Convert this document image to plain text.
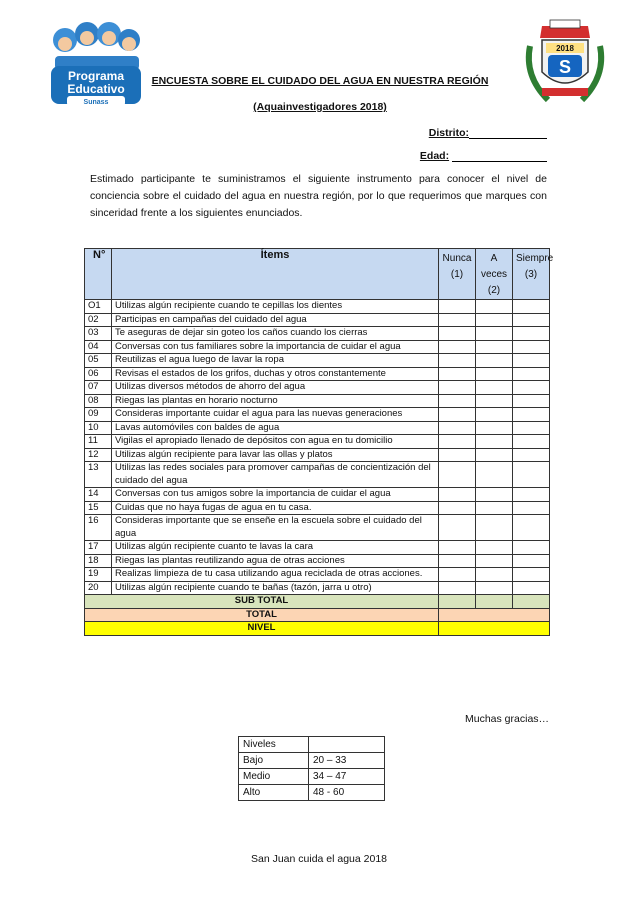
Programa
Educativo
Sunass
2018
S
ENCUESTA SOBRE EL CUIDADO DEL AGUA EN NUESTRA REGIÓN
(Aquainvestigadores 2018)
Distrito:
Edad:
Estimado participante te suministramos el siguiente instrumento para conocer el nivel de conciencia sobre el cuidado del agua en nuestra región, por lo que requerimos que marques con sinceridad frente a los siguientes enunciados.
N°	Ítems	Nunca (1)	A veces (2)	Siempre (3)
O1	Utilizas algún recipiente cuando te cepillas los dientes			
02	Participas en campañas del cuidado del agua			
03	Te aseguras de dejar sin goteo los caños cuando los cierras			
04	Conversas con tus familiares sobre la importancia de cuidar el agua			
05	Reutilizas el agua luego de lavar la ropa			
06	Revisas el estados de los grifos, duchas y otros constantemente			
07	Utilizas diversos métodos de ahorro del agua			
08	Riegas las plantas en horario nocturno			
09	Consideras importante cuidar el agua para las nuevas generaciones			
10	Lavas automóviles con baldes de agua			
11	Vigilas el apropiado llenado de depósitos con agua en tu domicilio			
12	Utilizas algún recipiente para lavar las ollas y platos			
13	Utilizas las redes sociales para promover campañas de concientización del cuidado del agua			
14	Conversas con tus amigos sobre la importancia de cuidar el agua			
15	Cuidas que no haya fugas de agua en tu casa.			
16	Consideras importante que se enseñe en la escuela sobre el cuidado del agua			
17	Utilizas algún recipiente cuanto te lavas la cara			
18	Riegas las plantas reutilizando agua de otras acciones			
19	Realizas limpieza de tu casa utilizando agua reciclada de otras acciones.			
20	Utilizas algún recipiente cuando te bañas (tazón, jarra u otro)			
SUB TOTAL				
TOTAL				
NIVEL				
Muchas gracias…
Niveles	
Bajo	20 – 33
Medio	34 – 47
Alto	48 - 60
San Juan cuida el agua 2018
